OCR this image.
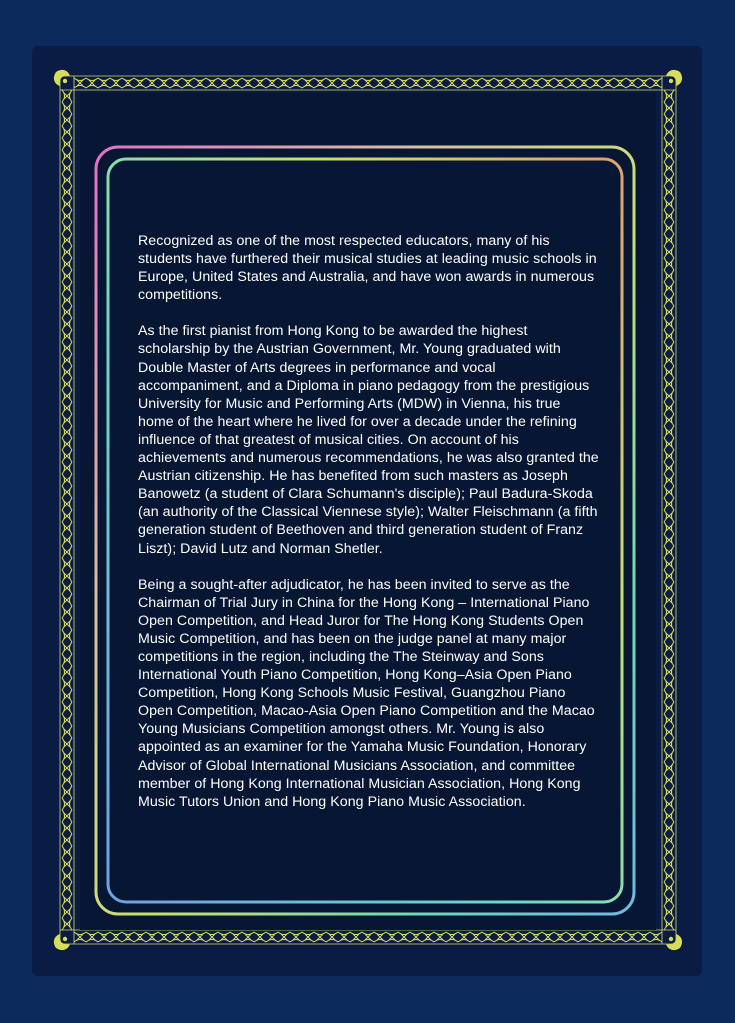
Recognized as one of the most respected educators, many of his students have furthered their musical studies at leading music schools in Europe, United States and Australia, and have won awards in numerous competitions.

As the first pianist from Hong Kong to be awarded the highest scholarship by the Austrian Government, Mr. Young graduated with Double Master of Arts degrees in performance and vocal accompaniment, and a Diploma in piano pedagogy from the prestigious University for Music and Performing Arts (MDW) in Vienna, his true home of the heart where he lived for over a decade under the refining influence of that greatest of musical cities. On account of his achievements and numerous recommendations, he was also granted the Austrian citizenship. He has benefited from such masters as Joseph Banowetz (a student of Clara Schumann's disciple); Paul Badura-Skoda (an authority of the Classical Viennese style); Walter Fleischmann (a fifth generation student of Beethoven and third generation student of Franz Liszt); David Lutz and Norman Shetler.

Being a sought-after adjudicator, he has been invited to serve as the Chairman of Trial Jury in China for the Hong Kong – International Piano Open Competition, and Head Juror for The Hong Kong Students Open Music Competition, and has been on the judge panel at many major competitions in the region, including the The Steinway and Sons International Youth Piano Competition, Hong Kong–Asia Open Piano Competition, Hong Kong Schools Music Festival, Guangzhou Piano Open Competition, Macao-Asia Open Piano Competition and the Macao Young Musicians Competition amongst others. Mr. Young is also appointed as an examiner for the Yamaha Music Foundation, Honorary Advisor of Global International Musicians Association, and committee member of Hong Kong International Musician Association, Hong Kong Music Tutors Union and Hong Kong Piano Music Association.
